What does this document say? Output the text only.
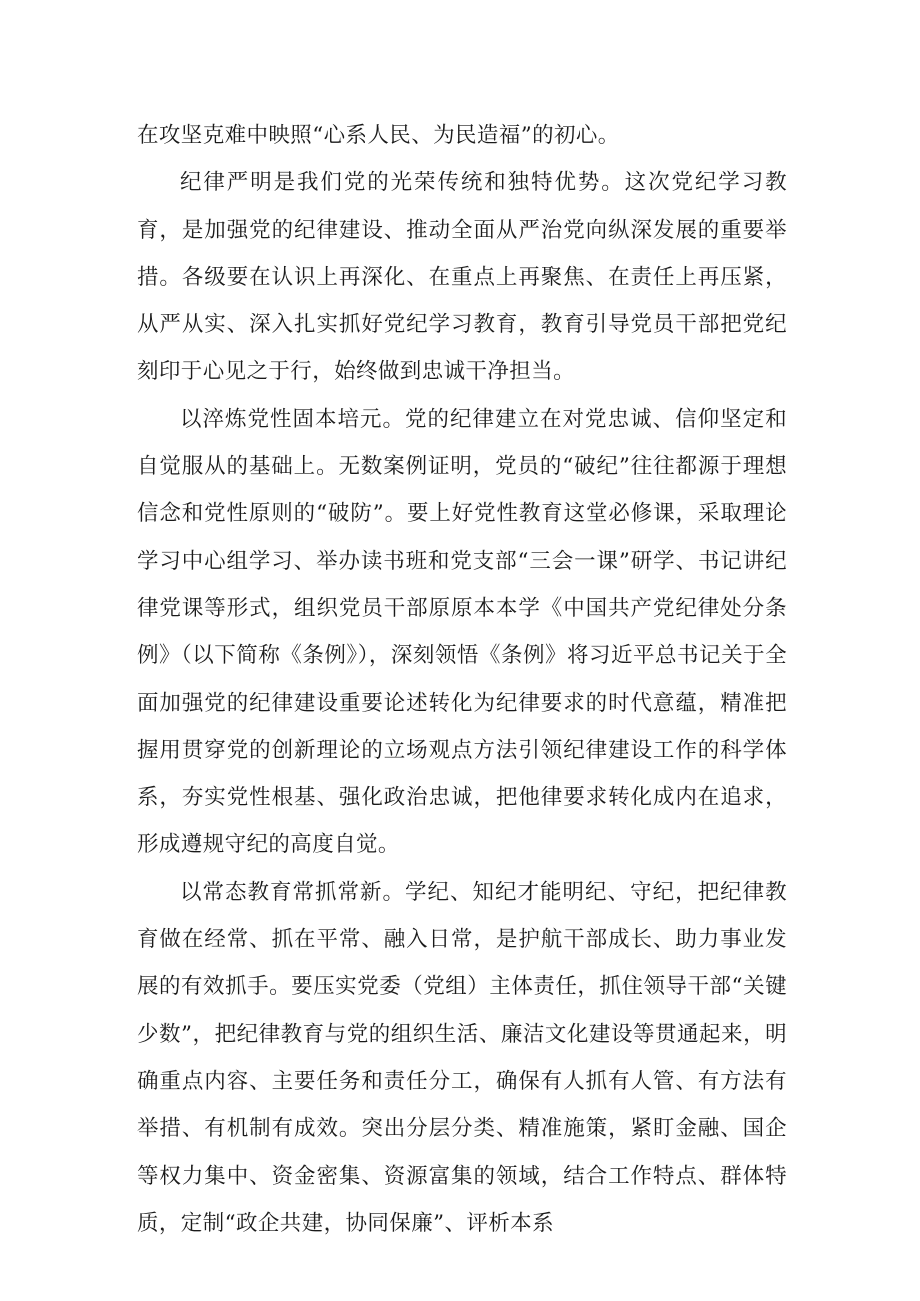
在攻坚克难中映照“心系人民、为民造福”的初心。

纪律严明是我们党的光荣传统和独特优势。这次党纪学习教育，是加强党的纪律建设、推动全面从严治党向纵深发展的重要举措。各级要在认识上再深化、在重点上再聚焦、在责任上再压紧，从严从实、深入扎实抓好党纪学习教育，教育引导党员干部把党纪刻印于心见之于行，始终做到忠诚干净担当。

以淬炼党性固本培元。党的纪律建立在对党忠诚、信仰坚定和自觉服从的基础上。无数案例证明，党员的“破纪”往往都源于理想信念和党性原则的“破防”。要上好党性教育这堂必修课，采取理论学习中心组学习、举办读书班和党支部“三会一课”研学、书记讲纪律党课等形式，组织党员干部原原本本学《中国共产党纪律处分条例》（以下简称《条例》），深刻领悟《条例》将习近平总书记关于全面加强党的纪律建设重要论述转化为纪律要求的时代意蕴，精准把握用贯穿党的创新理论的立场观点方法引领纪律建设工作的科学体系，夯实党性根基、强化政治忠诚，把他律要求转化成内在追求，形成遵规守纪的高度自觉。

以常态教育常抓常新。学纪、知纪才能明纪、守纪，把纪律教育做在经常、抓在平常、融入日常，是护航干部成长、助力事业发展的有效抓手。要压实党委（党组）主体责任，抓住领导干部“关键少数”，把纪律教育与党的组织生活、廉洁文化建设等贯通起来，明确重点内容、主要任务和责任分工，确保有人抓有人管、有方法有举措、有机制有成效。突出分层分类、精准施策，紧盯金融、国企等权力集中、资金密集、资源富集的领域，结合工作特点、群体特质，定制“政企共建，协同保廉”、评析本系
